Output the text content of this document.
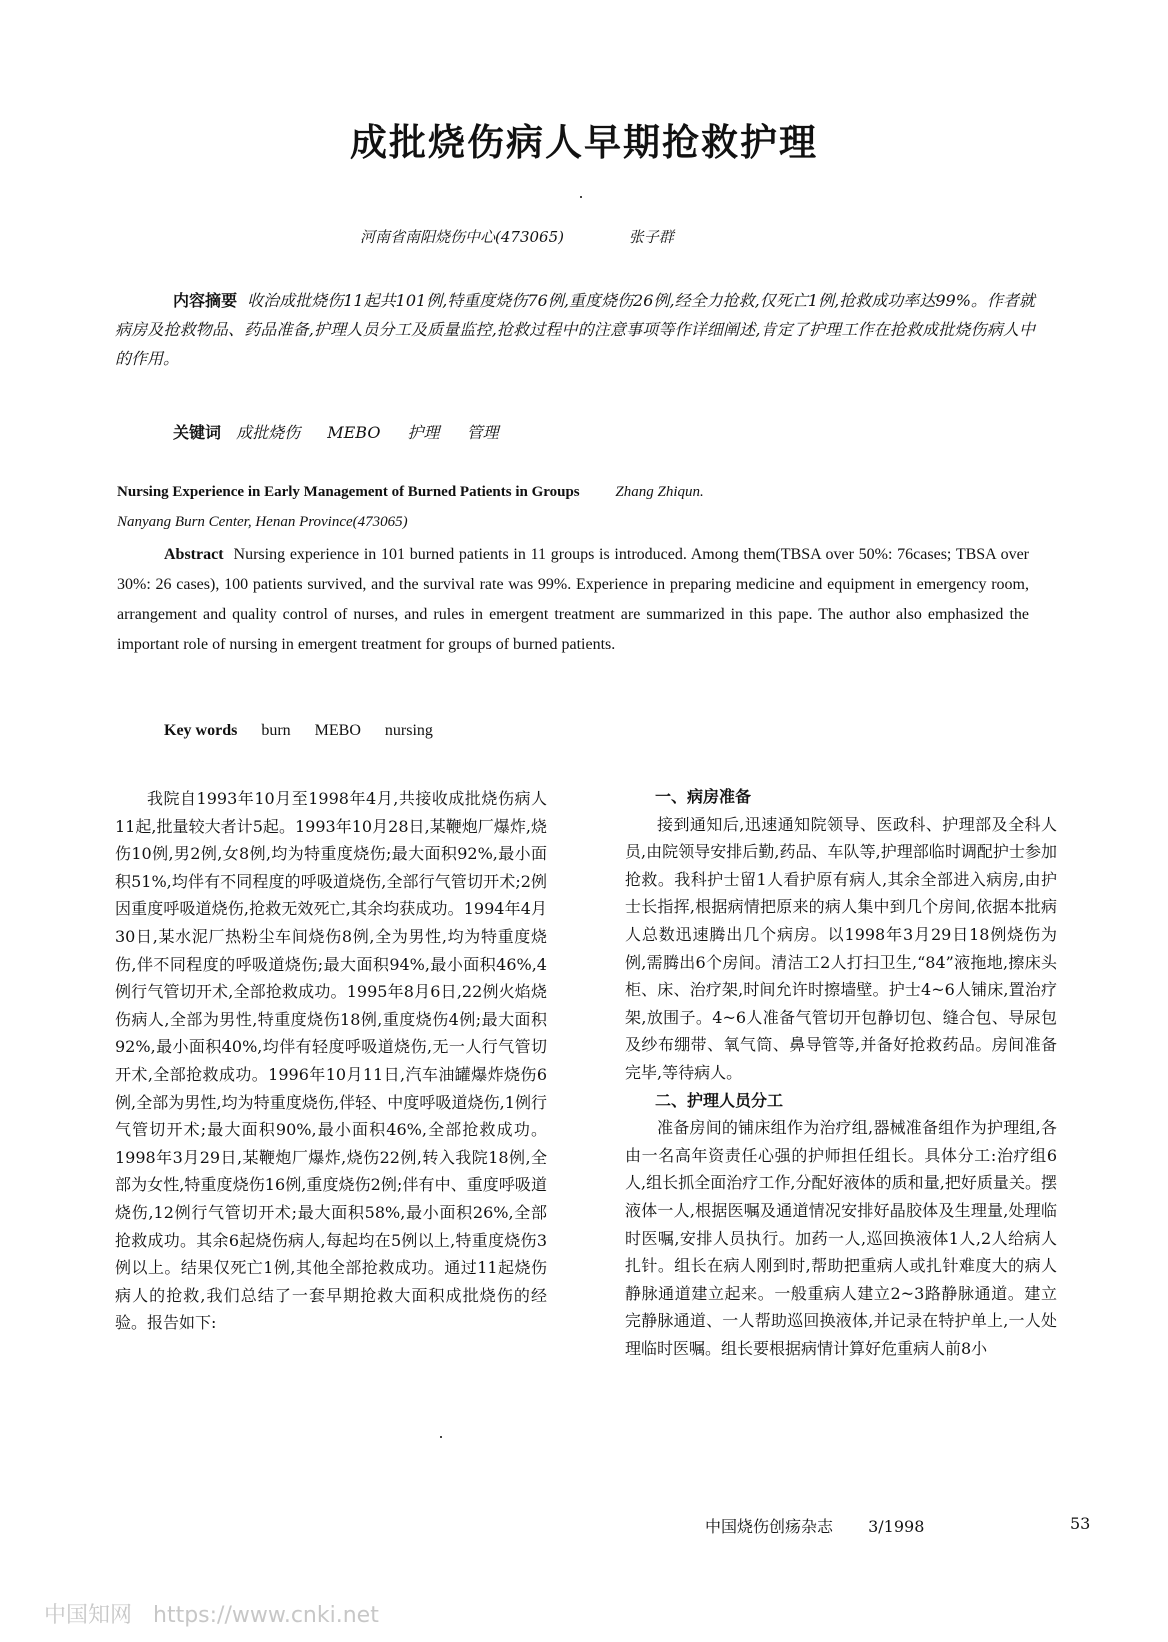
成批烧伤病人早期抢救护理
河南省南阳烧伤中心(473065)	张子群
内容摘要 收治成批烧伤11起共101例,特重度烧伤76例,重度烧伤26例,经全力抢救,仅死亡1例,抢救成功率达99%。作者就病房及抢救物品、药品准备,护理人员分工及质量监控,抢救过程中的注意事项等作详细阐述,肯定了护理工作在抢救成批烧伤病人中的作用。
关键词 成批烧伤 MEBO 护理 管理
Nursing Experience in Early Management of Burned Patients in Groups Zhang Zhiqun.
Nanyang Burn Center, Henan Province(473065)
Abstract Nursing experience in 101 burned patients in 11 groups is introduced. Among them(TBSA over 50%: 76cases; TBSA over 30%: 26 cases), 100 patients survived, and the survival rate was 99%. Experience in preparing medicine and equipment in emergency room, arrangement and quality control of nurses, and rules in emergent treatment are summarized in this pape. The author also emphasized the important role of nursing in emergent treatment for groups of burned patients.
Key words burn MEBO nursing

我院自1993年10月至1998年4月,共接收成批烧伤病人11起,批量较大者计5起。1993年10月28日,某鞭炮厂爆炸,烧伤10例,男2例,女8例,均为特重度烧伤;最大面积92%,最小面积51%,均伴有不同程度的呼吸道烧伤,全部行气管切开术;2例因重度呼吸道烧伤,抢救无效死亡,其余均获成功。1994年4月30日,某水泥厂热粉尘车间烧伤8例,全为男性,均为特重度烧伤,伴不同程度的呼吸道烧伤;最大面积94%,最小面积46%,4例行气管切开术,全部抢救成功。1995年8月6日,22例火焰烧伤病人,全部为男性,特重度烧伤18例,重度烧伤4例;最大面积92%,最小面积40%,均伴有轻度呼吸道烧伤,无一人行气管切开术,全部抢救成功。1996年10月11日,汽车油罐爆炸烧伤6例,全部为男性,均为特重度烧伤,伴轻、中度呼吸道烧伤,1例行气管切开术;最大面积90%,最小面积46%,全部抢救成功。1998年3月29日,某鞭炮厂爆炸,烧伤22例,转入我院18例,全部为女性,特重度烧伤16例,重度烧伤2例;伴有中、重度呼吸道烧伤,12例行气管切开术;最大面积58%,最小面积26%,全部抢救成功。其余6起烧伤病人,每起均在5例以上,特重度烧伤3例以上。结果仅死亡1例,其他全部抢救成功。通过11起烧伤病人的抢救,我们总结了一套早期抢救大面积成批烧伤的经验。报告如下:

一、病房准备

接到通知后,迅速通知院领导、医政科、护理部及全科人员,由院领导安排后勤,药品、车队等,护理部临时调配护士参加抢救。我科护士留1人看护原有病人,其余全部进入病房,由护士长指挥,根据病情把原来的病人集中到几个房间,依据本批病人总数迅速腾出几个病房。以1998年3月29日18例烧伤为例,需腾出6个房间。清洁工2人打扫卫生,“84”液拖地,擦床头柜、床、治疗架,时间允许时擦墙壁。护士4~6人铺床,置治疗架,放围子。4~6人准备气管切开包静切包、缝合包、导尿包及纱布绷带、氧气筒、鼻导管等,并备好抢救药品。房间准备完毕,等待病人。

二、护理人员分工

准备房间的铺床组作为治疗组,器械准备组作为护理组,各由一名高年资责任心强的护师担任组长。具体分工:治疗组6人,组长抓全面治疗工作,分配好液体的质和量,把好质量关。摆液体一人,根据医嘱及通道情况安排好晶胶体及生理量,处理临时医嘱,安排人员执行。加药一人,巡回换液体1人,2人给病人扎针。组长在病人刚到时,帮助把重病人或扎针难度大的病人静脉通道建立起来。一般重病人建立2~3路静脉通道。建立完静脉通道、一人帮助巡回换液体,并记录在特护单上,一人处理临时医嘱。组长要根据病情计算好危重病人前8小

中国烧伤创疡杂志 3/1998	53
中国知网 https://www.cnki.net
